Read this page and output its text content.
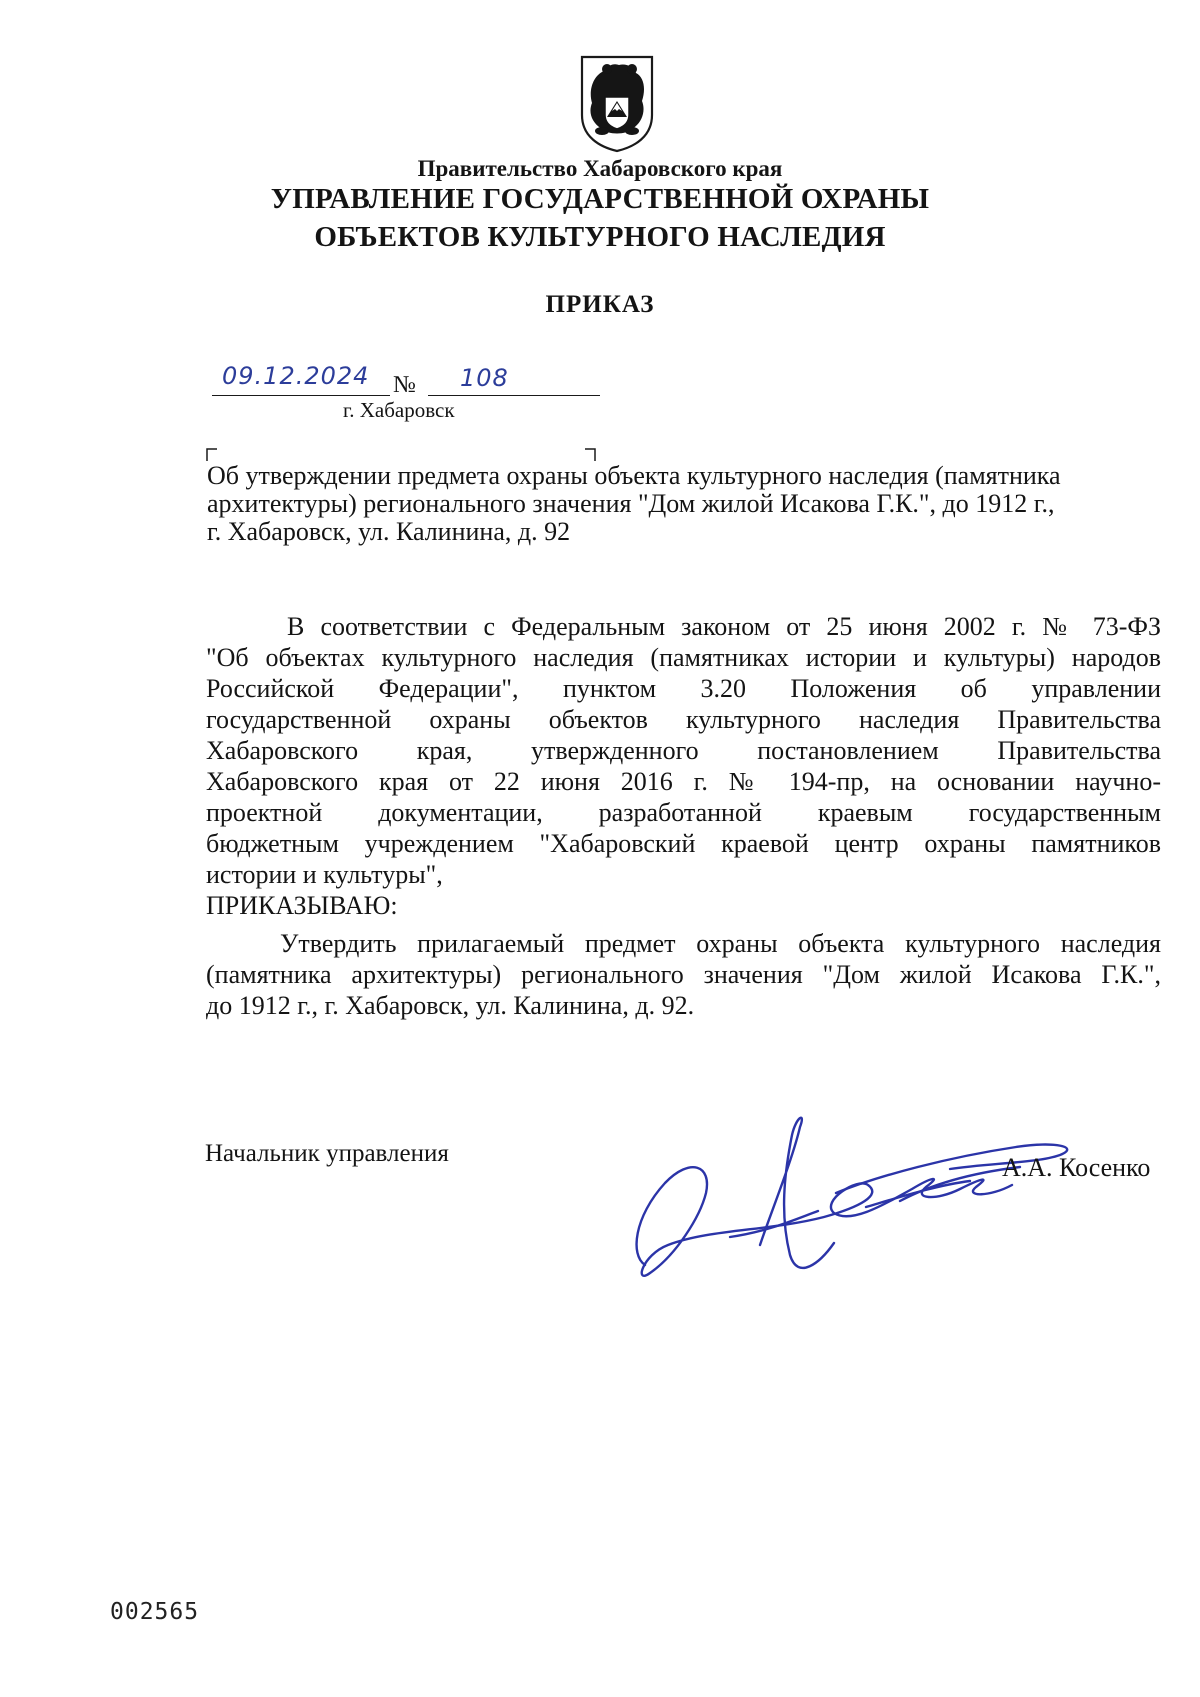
Правительство Хабаровского края
УПРАВЛЕНИЕ ГОСУДАРСТВЕННОЙ ОХРАНЫ
ОБЪЕКТОВ КУЛЬТУРНОГО НАСЛЕДИЯ
ПРИКАЗ
09.12.2024 № 108
г. Хабаровск
Об утверждении предмета охраны объекта культурного наследия (памятника
архитектуры) регионального значения "Дом жилой Исакова Г.К.", до 1912 г.,
г. Хабаровск, ул. Калинина, д. 92
В соответствии с Федеральным законом от 25 июня 2002 г. № 73-ФЗ
"Об объектах культурного наследия (памятниках истории и культуры) народов
Российской Федерации", пунктом 3.20 Положения об управлении
государственной охраны объектов культурного наследия Правительства
Хабаровского края, утвержденного постановлением Правительства
Хабаровского края от 22 июня 2016 г. № 194-пр, на основании научно-
проектной документации, разработанной краевым государственным
бюджетным учреждением "Хабаровский краевой центр охраны памятников
истории и культуры",
ПРИКАЗЫВАЮ:
Утвердить прилагаемый предмет охраны объекта культурного наследия
(памятника архитектуры) регионального значения "Дом жилой Исакова Г.К.",
до 1912 г., г. Хабаровск, ул. Калинина, д. 92.
Начальник управления	А.А. Косенко
002565
